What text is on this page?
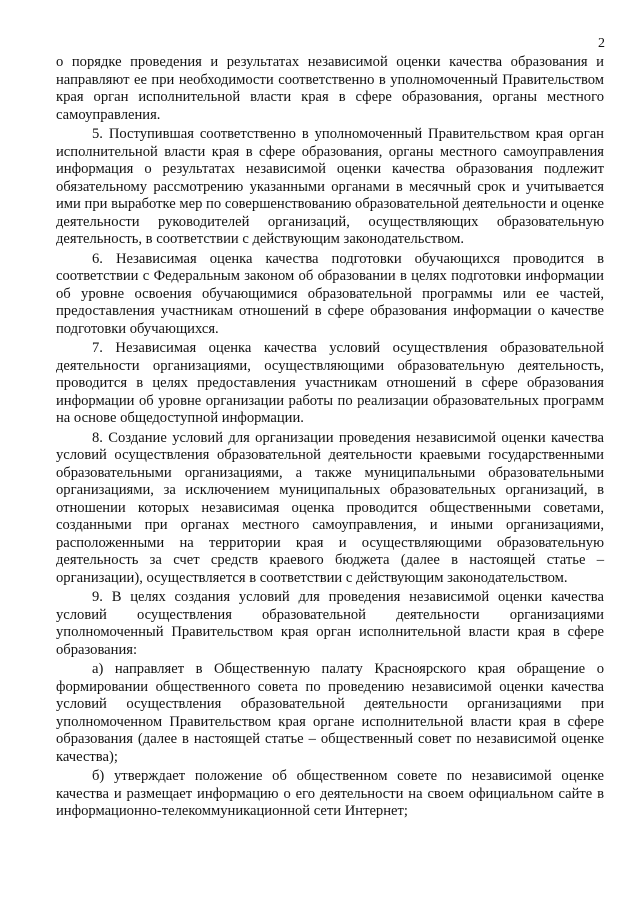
2

о порядке проведения и результатах независимой оценки качества образования и направляют ее при необходимости соответственно в уполномоченный Правительством края орган исполнительной власти края в сфере образования, органы местного самоуправления.

5. Поступившая соответственно в уполномоченный Правительством края орган исполнительной власти края в сфере образования, органы местного самоуправления информация о результатах независимой оценки качества образования подлежит обязательному рассмотрению указанными органами в месячный срок и учитывается ими при выработке мер по совершенствованию образовательной деятельности и оценке деятельности руководителей организаций, осуществляющих образовательную деятельность, в соответствии с действующим законодательством.

6. Независимая оценка качества подготовки обучающихся проводится в соответствии с Федеральным законом об образовании в целях подготовки информации об уровне освоения обучающимися образовательной программы или ее частей, предоставления участникам отношений в сфере образования информации о качестве подготовки обучающихся.

7. Независимая оценка качества условий осуществления образовательной деятельности организациями, осуществляющими образовательную деятельность, проводится в целях предоставления участникам отношений в сфере образования информации об уровне организации работы по реализации образовательных программ на основе общедоступной информации.

8. Создание условий для организации проведения независимой оценки качества условий осуществления образовательной деятельности краевыми государственными образовательными организациями, а также муниципальными образовательными организациями, за исключением муниципальных образовательных организаций, в отношении которых независимая оценка проводится общественными советами, созданными при органах местного самоуправления, и иными организациями, расположенными на территории края и осуществляющими образовательную деятельность за счет средств краевого бюджета (далее в настоящей статье – организации), осуществляется в соответствии с действующим законодательством.

9. В целях создания условий для проведения независимой оценки качества условий осуществления образовательной деятельности организациями уполномоченный Правительством края орган исполнительной власти края в сфере образования:

а) направляет в Общественную палату Красноярского края обращение о формировании общественного совета по проведению независимой оценки качества условий осуществления образовательной деятельности организациями при уполномоченном Правительством края органе исполнительной власти края в сфере образования (далее в настоящей статье – общественный совет по независимой оценке качества);

б) утверждает положение об общественном совете по независимой оценке качества и размещает информацию о его деятельности на своем официальном сайте в информационно-телекоммуникационной сети Интернет;
